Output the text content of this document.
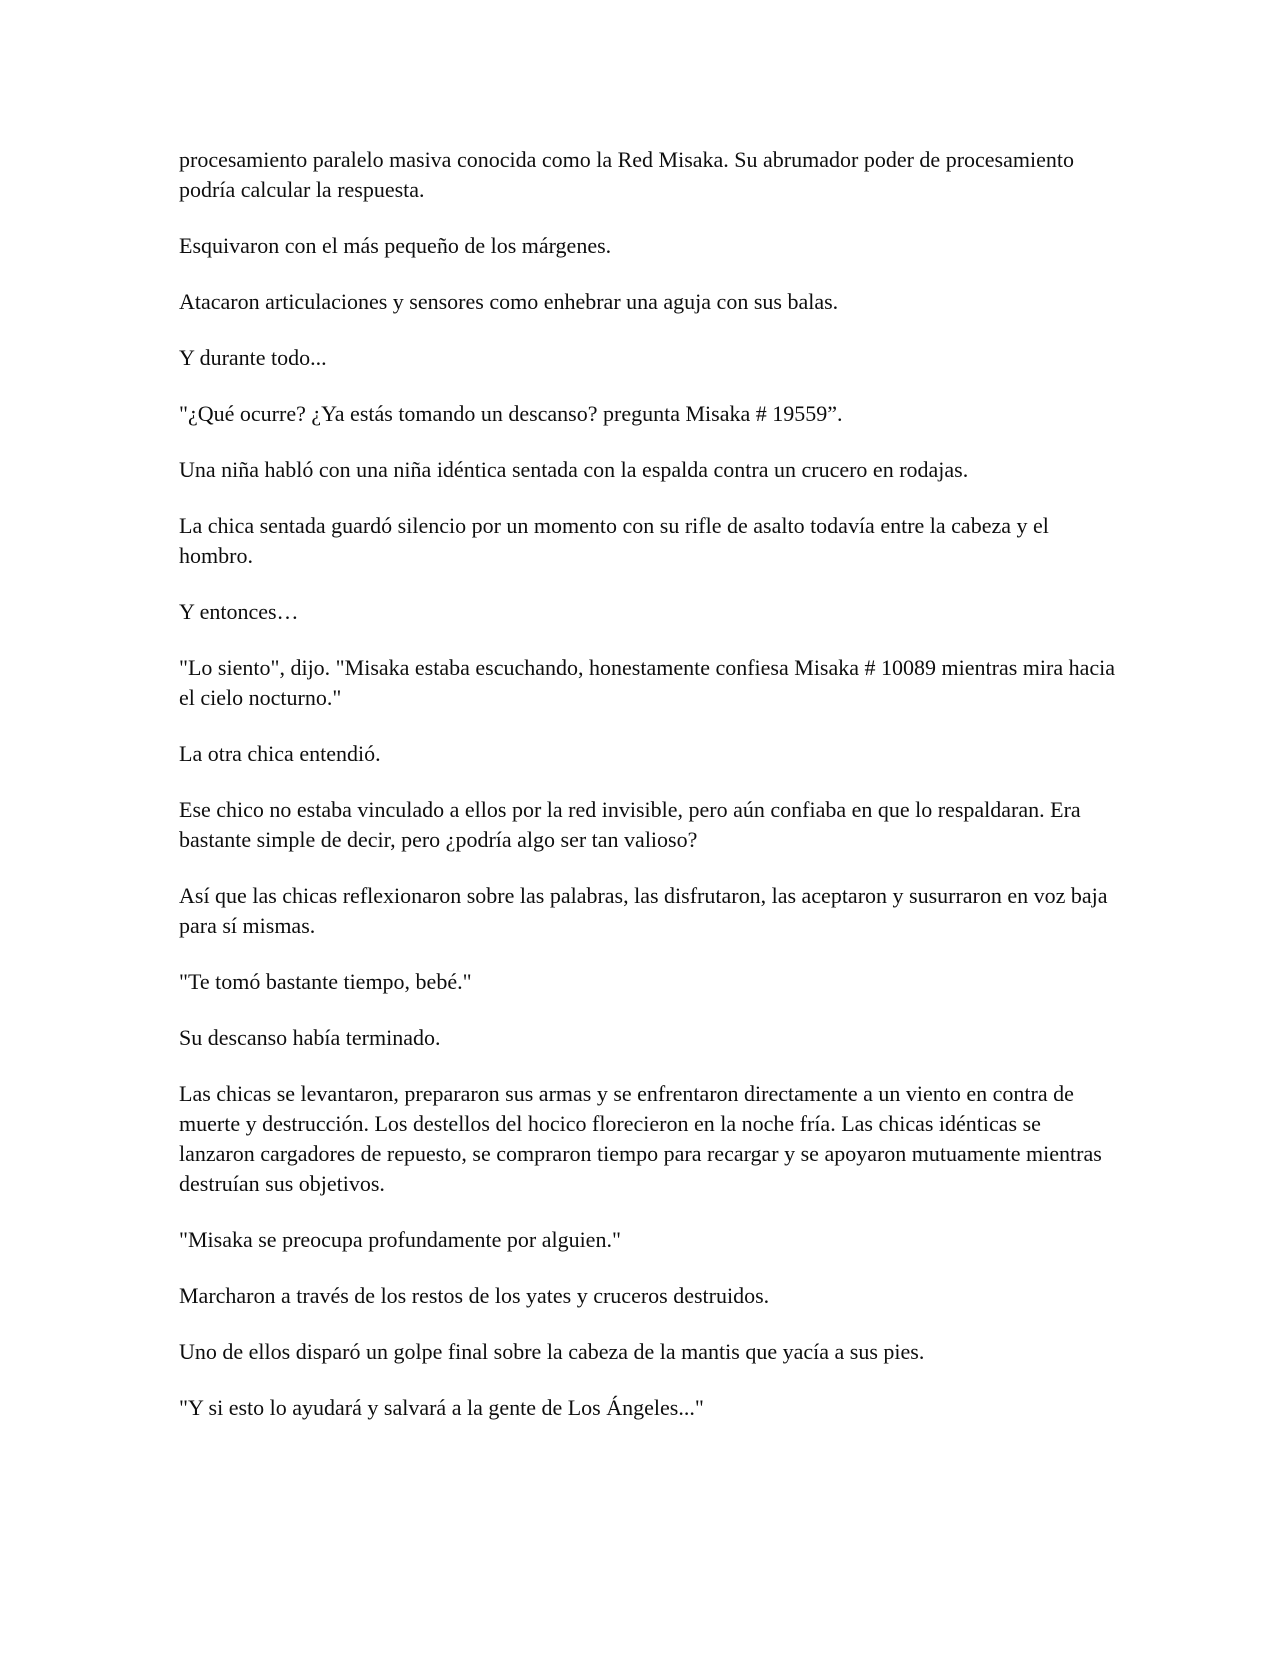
procesamiento paralelo masiva conocida como la Red Misaka. Su abrumador poder de procesamiento podría calcular la respuesta.

Esquivaron con el más pequeño de los márgenes.

Atacaron articulaciones y sensores como enhebrar una aguja con sus balas.

Y durante todo...

"¿Qué ocurre? ¿Ya estás tomando un descanso? pregunta Misaka # 19559”.

Una niña habló con una niña idéntica sentada con la espalda contra un crucero en rodajas.

La chica sentada guardó silencio por un momento con su rifle de asalto todavía entre la cabeza y el hombro.

Y entonces…

"Lo siento", dijo. "Misaka estaba escuchando, honestamente confiesa Misaka # 10089 mientras mira hacia el cielo nocturno."

La otra chica entendió.

Ese chico no estaba vinculado a ellos por la red invisible, pero aún confiaba en que lo respaldaran. Era bastante simple de decir, pero ¿podría algo ser tan valioso?

Así que las chicas reflexionaron sobre las palabras, las disfrutaron, las aceptaron y susurraron en voz baja para sí mismas.

"Te tomó bastante tiempo, bebé."

Su descanso había terminado.

Las chicas se levantaron, prepararon sus armas y se enfrentaron directamente a un viento en contra de muerte y destrucción. Los destellos del hocico florecieron en la noche fría. Las chicas idénticas se lanzaron cargadores de repuesto, se compraron tiempo para recargar y se apoyaron mutuamente mientras destruían sus objetivos.

"Misaka se preocupa profundamente por alguien."

Marcharon a través de los restos de los yates y cruceros destruidos.

Uno de ellos disparó un golpe final sobre la cabeza de la mantis que yacía a sus pies.

"Y si esto lo ayudará y salvará a la gente de Los Ángeles..."
